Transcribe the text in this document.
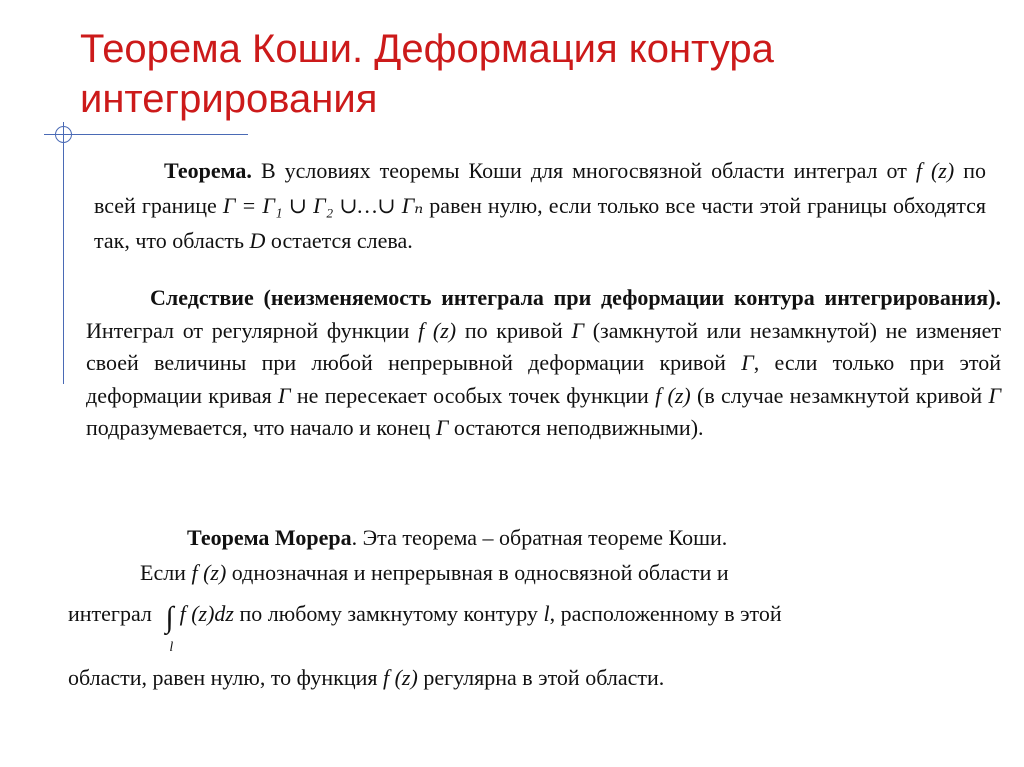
Теорема Коши. Деформация контура интегрирования

Теорема. В условиях теоремы Коши для многосвязной области интеграл от f (z) по всей границе Γ = Γ₁ ∪ Γ₂ ∪…∪ Γₙ равен нулю, если только все части этой границы обходятся так, что область D остается слева.

Следствие (неизменяемость интеграла при деформации контура интегрирования). Интеграл от регулярной функции f (z) по кривой Γ (замкнутой или незамкнутой) не изменяет своей величины при любой непрерывной деформации кривой Γ, если только при этой деформации кривая Γ не пересекает особых точек функции f (z) (в случае незамкнутой кривой Γ подразумевается, что начало и конец Γ остаются неподвижными).

Теорема Морера. Эта теорема – обратная теореме Коши.

Если f (z) однозначная и непрерывная в односвязной области и

интеграл ∫
l
f (z)dz по любому замкнутому контуру l, расположенному в этой

области, равен нулю, то функция f (z) регулярна в этой области.
